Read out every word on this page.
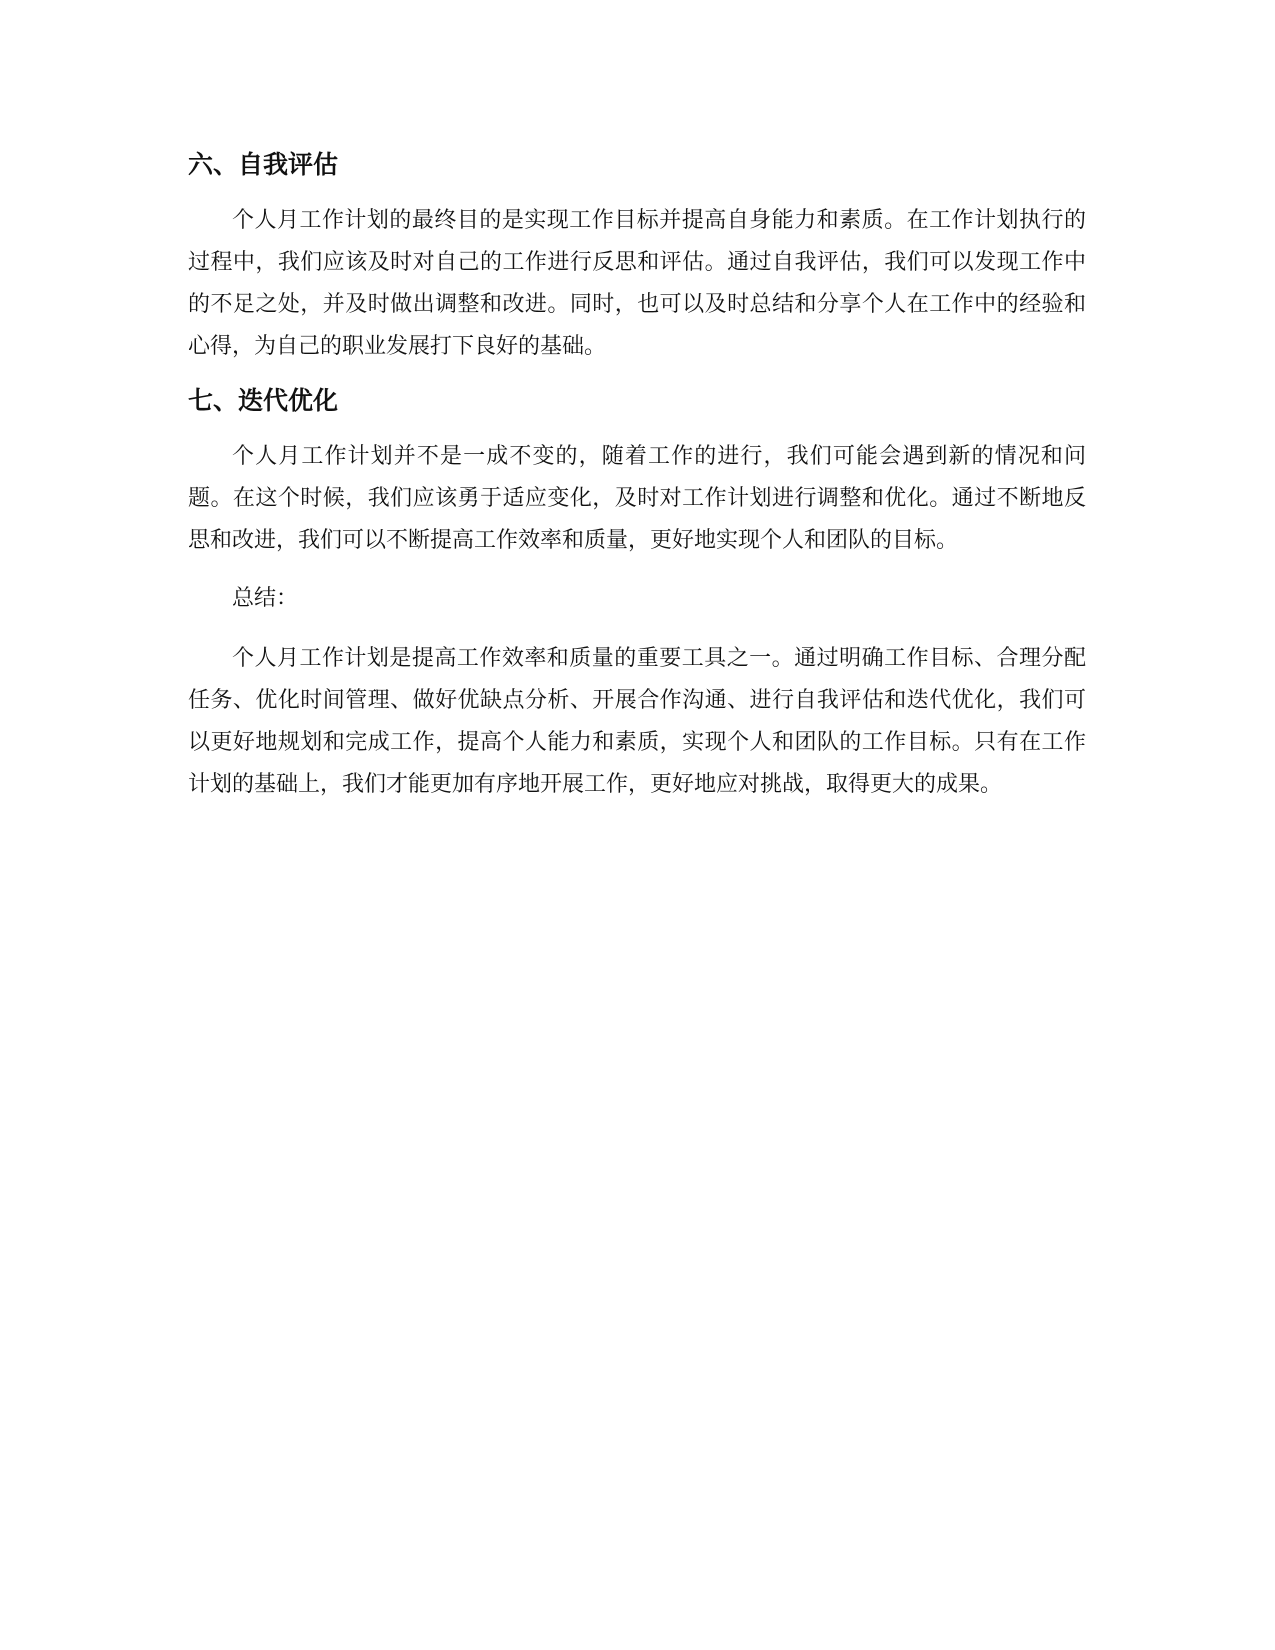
六、自我评估

个人月工作计划的最终目的是实现工作目标并提高自身能力和素质。在工作计划执行的过程中，我们应该及时对自己的工作进行反思和评估。通过自我评估，我们可以发现工作中的不足之处，并及时做出调整和改进。同时，也可以及时总结和分享个人在工作中的经验和心得，为自己的职业发展打下良好的基础。

七、迭代优化

个人月工作计划并不是一成不变的，随着工作的进行，我们可能会遇到新的情况和问题。在这个时候，我们应该勇于适应变化，及时对工作计划进行调整和优化。通过不断地反思和改进，我们可以不断提高工作效率和质量，更好地实现个人和团队的目标。

总结：

个人月工作计划是提高工作效率和质量的重要工具之一。通过明确工作目标、合理分配任务、优化时间管理、做好优缺点分析、开展合作沟通、进行自我评估和迭代优化，我们可以更好地规划和完成工作，提高个人能力和素质，实现个人和团队的工作目标。只有在工作计划的基础上，我们才能更加有序地开展工作，更好地应对挑战，取得更大的成果。
